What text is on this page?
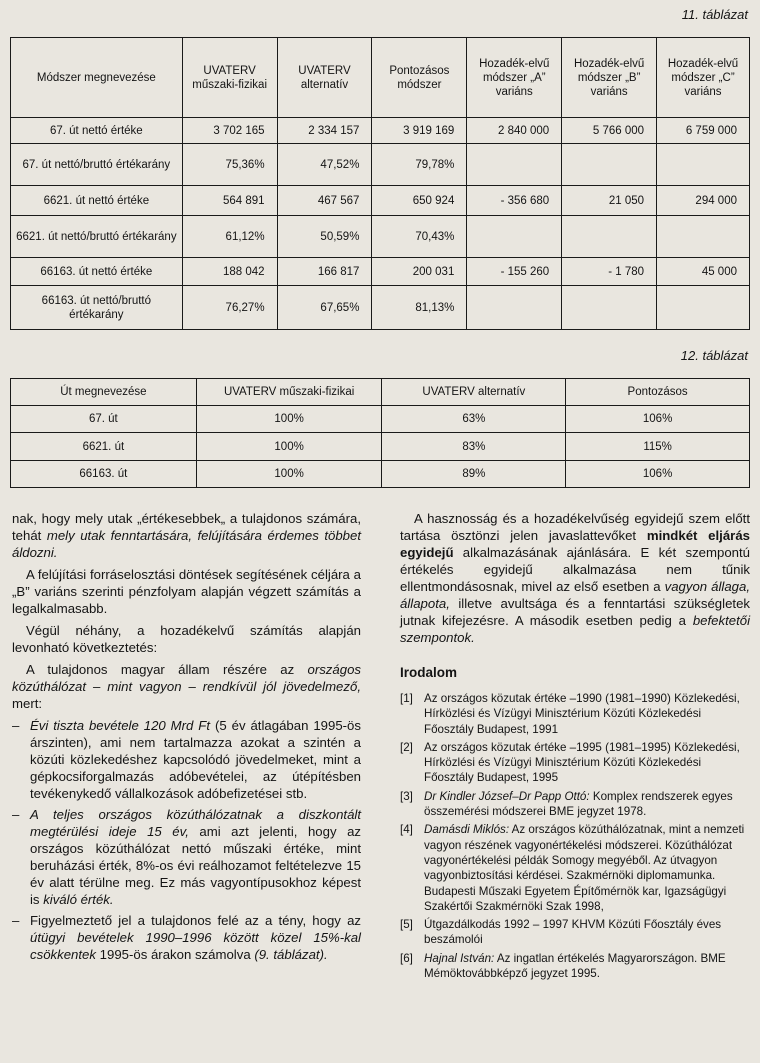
11. táblázat
Módszer megnevezése	UVATERV műszaki-fizikai	UVATERV alternatív	Pontozásos módszer	Hozadék-elvű módszer „A” variáns	Hozadék-elvű módszer „B” variáns	Hozadék-elvű módszer „C” variáns
67. út nettó értéke	3 702 165	2 334 157	3 919 169	2 840 000	5 766 000	6 759 000
67. út nettó/bruttó értékarány	75,36%	47,52%	79,78%			
6621. út nettó értéke	564 891	467 567	650 924	- 356 680	21 050	294 000
6621. út nettó/bruttó értékarány	61,12%	50,59%	70,43%			
66163. út nettó értéke	188 042	166 817	200 031	- 155 260	- 1 780	45 000
66163. út nettó/bruttó értékarány	76,27%	67,65%	81,13%			
12. táblázat
Út megnevezése	UVATERV műszaki-fizikai	UVATERV alternatív	Pontozásos
67. út	100%	63%	106%
6621. út	100%	83%	115%
66163. út	100%	89%	106%

nak, hogy mely utak „értékesebbek„ a tulajdonos számára, tehát mely utak fenntartására, felújítására érdemes többet áldozni.

A felújítási forráselosztási döntések segítésének céljára a „B” variáns szerinti pénzfolyam alapján végzett számítás a legalkalmasabb.

Végül néhány, a hozadékelvű számítás alapján levonható következtetés:

A tulajdonos magyar állam részére az országos közúthálózat – mint vagyon – rendkívül jól jövedelmező, mert:

– Évi tiszta bevétele 120 Mrd Ft (5 év átlagában 1995-ös árszinten), ami nem tartalmazza azokat a szintén a közúti közlekedéshez kapcsolódó jövedelmeket, mint a gépkocsiforgalmazás adóbevételei, az útépítésben tevékenykedő vállalkozások adóbefizetései stb.
– A teljes országos közúthálózatnak a diszkontált megtérülési ideje 15 év, ami azt jelenti, hogy az országos közúthálózat nettó műszaki értéke, mint beruházási érték, 8%-os évi reálhozamot feltételezve 15 év alatt térülne meg. Ez más vagyontípusokhoz képest is kiváló érték.
– Figyelmeztető jel a tulajdonos felé az a tény, hogy az útügyi bevételek 1990–1996 között közel 15%-kal csökkentek 1995-ös árakon számolva (9. táblázat).

A hasznosság és a hozadékelvűség egyidejű szem előtt tartása ösztönzi jelen javaslattevőket mindkét eljárás egyidejű alkalmazásának ajánlására. E két szempontú értékelés egyidejű alkalmazása nem tűnik ellentmondásosnak, mivel az első esetben a vagyon állaga, állapota, illetve avultsága és a fenntartási szükségletek jutnak kifejezésre. A második esetben pedig a befektetői szempontok.

Irodalom
[1] Az országos közutak értéke –1990 (1981–1990) Közlekedési, Hírközlési és Vízügyi Minisztérium Közúti Közlekedési Főosztály Budapest, 1991
[2] Az országos közutak értéke –1995 (1981–1995) Közlekedési, Hírközlési és Vízügyi Minisztérium Közúti Közlekedési Főosztály Budapest, 1995
[3] Dr Kindler József–Dr Papp Ottó: Komplex rendszerek egyes összemérési módszerei BME jegyzet 1978.
[4] Damásdi Miklós: Az országos közúthálózatnak, mint a nemzeti vagyon részének vagyonértékelési módszerei. Közúthálózat vagyonértékelési példák Somogy megyéből. Az útvagyon vagyonbiztosítási kérdései. Szakmérnöki diplomamunka. Budapesti Műszaki Egyetem Építőmérnök kar, Igazságügyi Szakértői Szakmérnöki Szak 1998,
[5] Útgazdálkodás 1992 – 1997 KHVM Közúti Főosztály éves beszámolói
[6] Hajnal István: Az ingatlan értékelés Magyarországon. BME Mémöktovábbképző jegyzet 1995.
